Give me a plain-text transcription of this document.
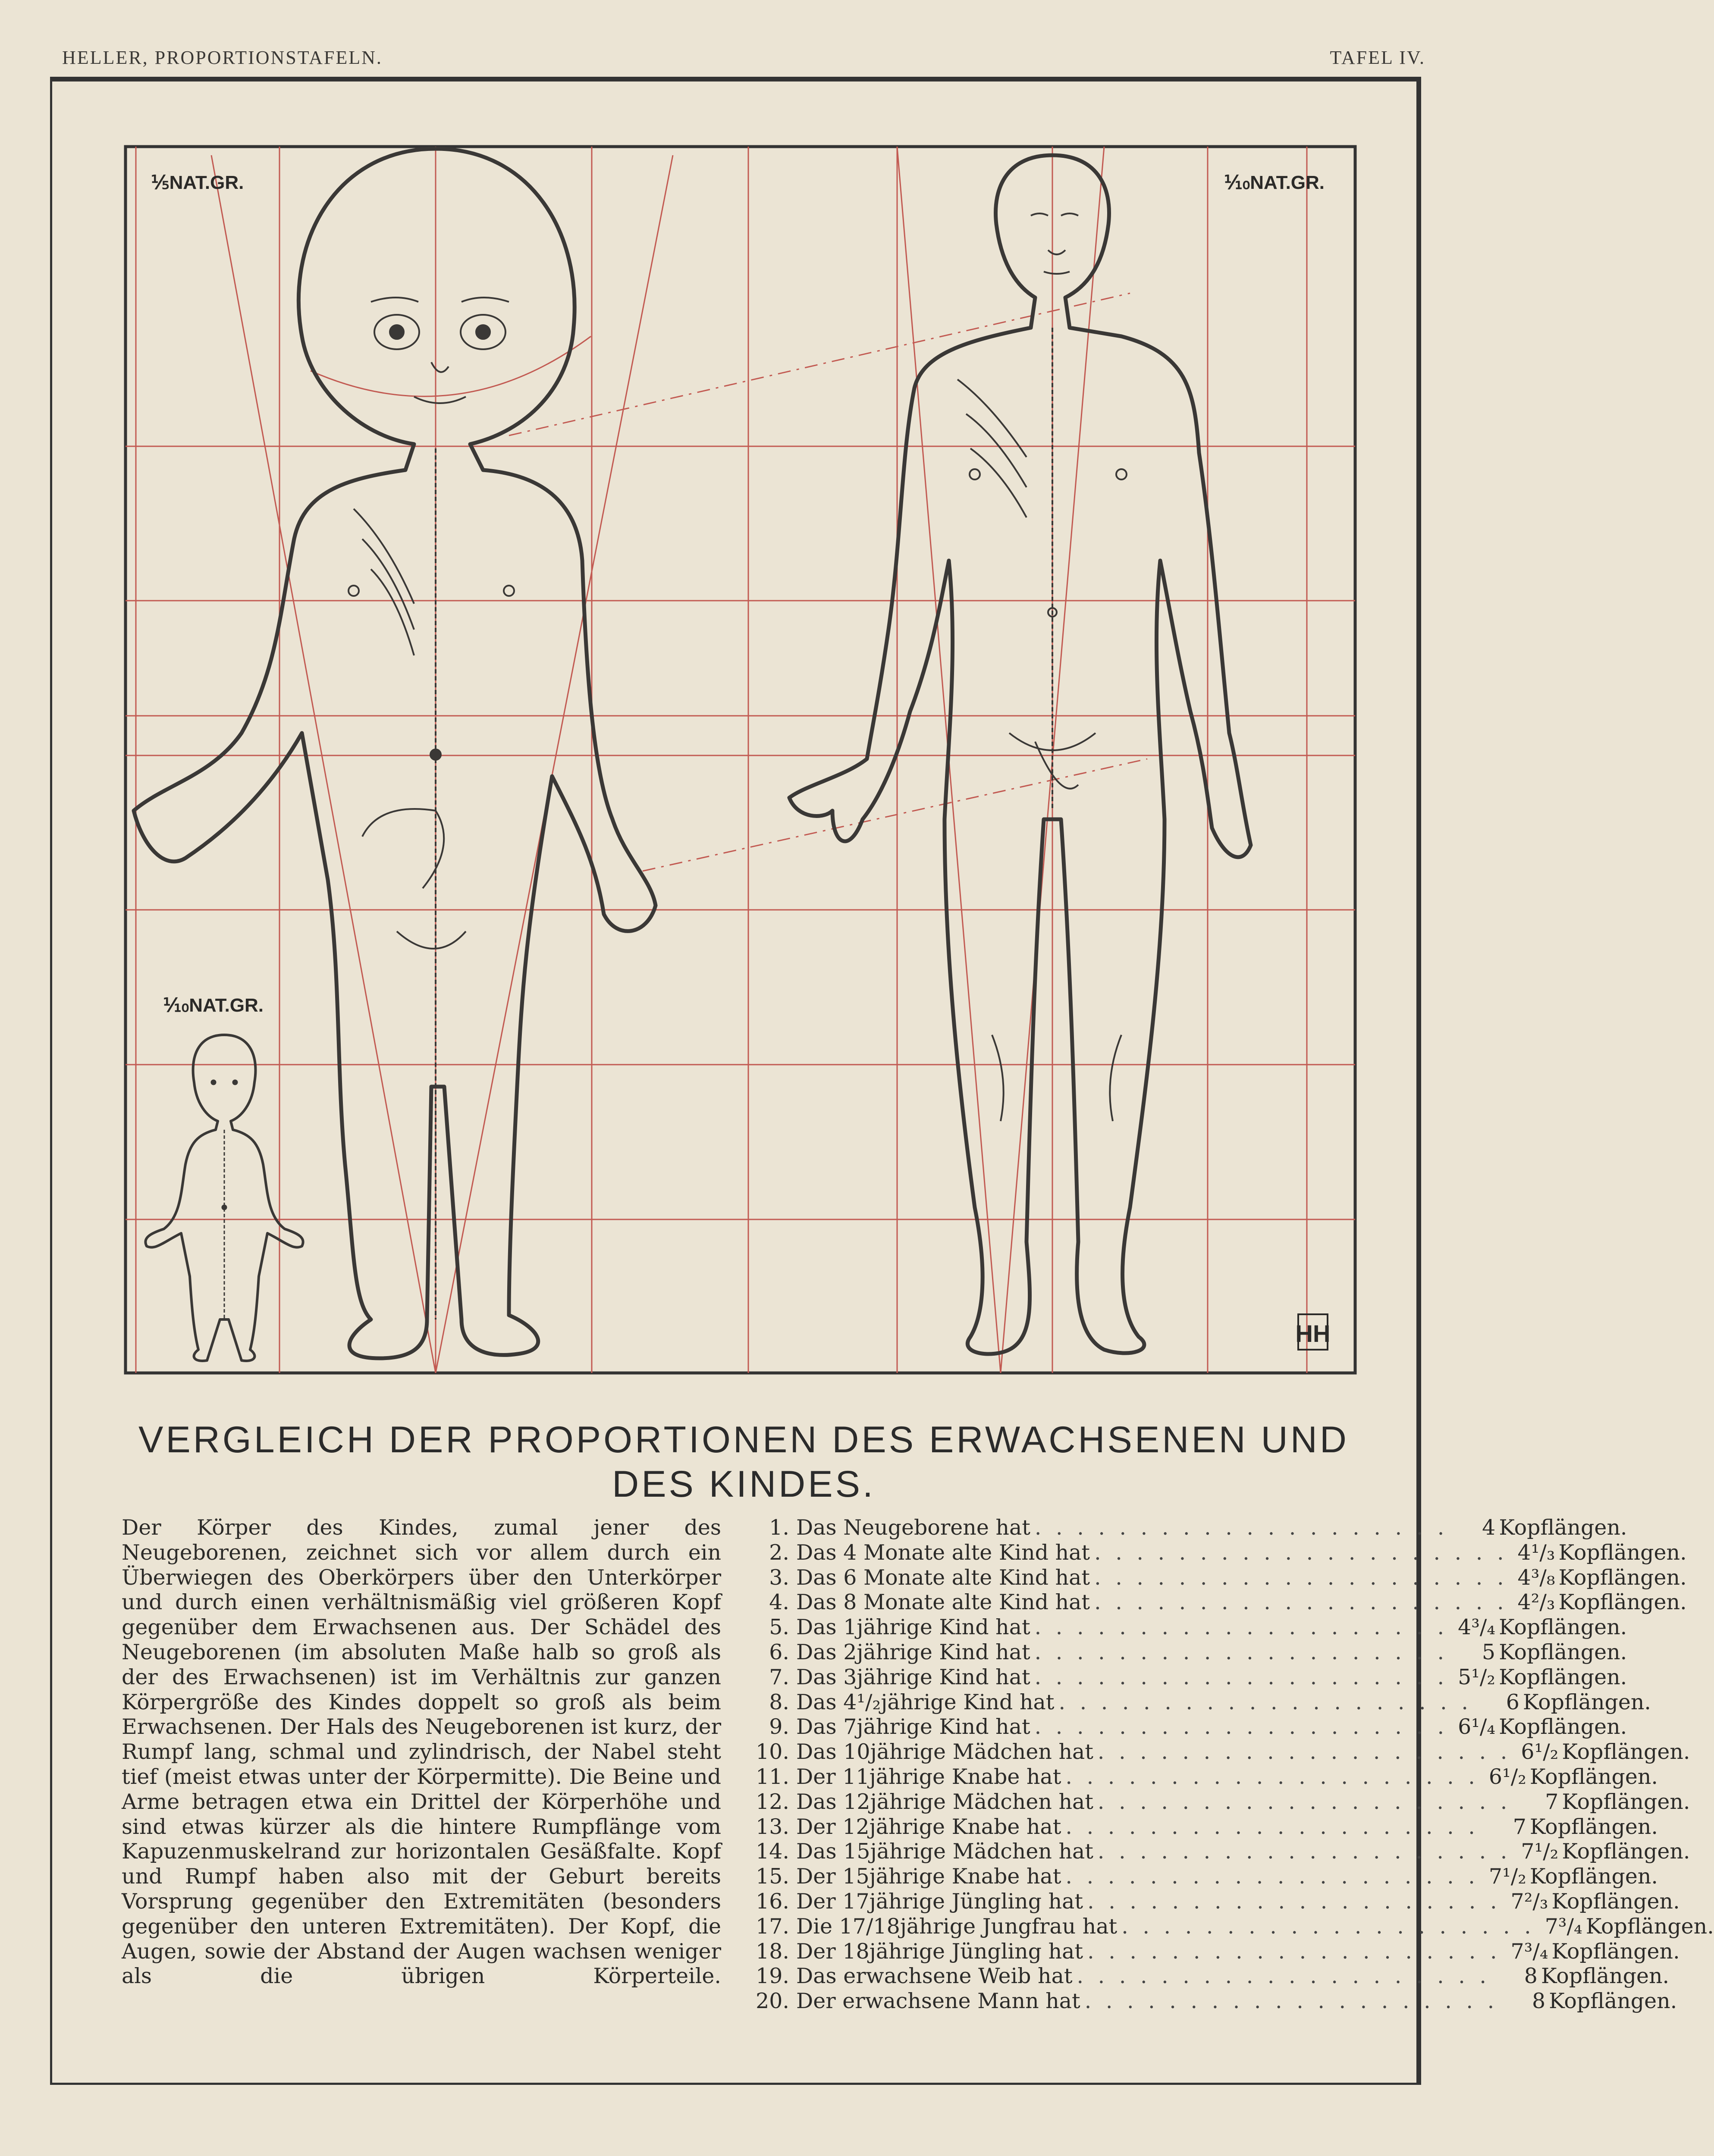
HELLER, PROPORTIONSTAFELN.	TAFEL IV.
⅕NAT.GR.	⅒NAT.GR.
⅒NAT.GR.
HH
VERGLEICH DER PROPORTIONEN DES ERWACHSENEN UND DES KINDES.

Der Körper des Kindes, zumal jener des Neugeborenen, zeichnet sich vor allem durch ein Überwiegen des Oberkörpers über den Unterkörper und durch einen verhältnismäßig viel größeren Kopf gegenüber dem Erwachsenen aus. Der Schädel des Neugeborenen (im absoluten Maße halb so groß als der des Erwachsenen) ist im Verhältnis zur ganzen Körpergröße des Kindes doppelt so groß als beim Erwachsenen. Der Hals des Neugeborenen ist kurz, der Rumpf lang, schmal und zylindrisch, der Nabel steht tief (meist etwas unter der Körpermitte). Die Beine und Arme betragen etwa ein Drittel der Körperhöhe und sind etwas kürzer als die hintere Rumpflänge vom Kapuzenmuskelrand zur horizontalen Gesäßfalte. Kopf und Rumpf haben also mit der Geburt bereits Vorsprung gegenüber den Extremitäten (besonders gegenüber den unteren Extremitäten). Der Kopf, die Augen, sowie der Abstand der Augen wachsen weniger als die übrigen Körperteile.

1. Das Neugeborene hat . . . . . . . . . . . . . . . . . . . .	4 Kopflängen.
2. Das 4 Monate alte Kind hat . . . . . . . . . . . . . . . . . . . . 4¹/₃ Kopflängen.
3. Das 6 Monate alte Kind hat . . . . . . . . . . . . . . . . . . . . 4³/₈ Kopflängen.
4. Das 8 Monate alte Kind hat . . . . . . . . . . . . . . . . . . . . 4²/₃ Kopflängen.
5. Das 1jährige Kind hat . . . . . . . . . . . . . . . . . . . . 4³/₄ Kopflängen.
6. Das 2jährige Kind hat . . . . . . . . . . . . . . . . . . . .	5 Kopflängen.
7. Das 3jährige Kind hat . . . . . . . . . . . . . . . . . . . . 5¹/₂ Kopflängen.
8. Das 4¹/₂jährige Kind hat . . . . . . . . . . . . . . . . . . . .	6 Kopflängen.
9. Das 7jährige Kind hat . . . . . . . . . . . . . . . . . . . . 6¹/₄ Kopflängen.
10. Das 10jährige Mädchen hat . . . . . . . . . . . . . . . . . . . . 6¹/₂ Kopflängen.
11. Der 11jährige Knabe hat . . . . . . . . . . . . . . . . . . . . 6¹/₂ Kopflängen.
12. Das 12jährige Mädchen hat . . . . . . . . . . . . . . . . . . . .	7 Kopflängen.
13. Der 12jährige Knabe hat . . . . . . . . . . . . . . . . . . . .	7 Kopflängen.
14. Das 15jährige Mädchen hat . . . . . . . . . . . . . . . . . . . . 7¹/₂ Kopflängen.
15. Der 15jährige Knabe hat . . . . . . . . . . . . . . . . . . . . 7¹/₂ Kopflängen.
16. Der 17jährige Jüngling hat . . . . . . . . . . . . . . . . . . . . 7²/₃ Kopflängen.
17. Die 17/18jährige Jungfrau hat . . . . . . . . . . . . . . . . . . . . 7³/₄ Kopflängen.
18. Der 18jährige Jüngling hat . . . . . . . . . . . . . . . . . . . . 7³/₄ Kopflängen.
19. Das erwachsene Weib hat . . . . . . . . . . . . . . . . . . . .	8 Kopflängen.
20. Der erwachsene Mann hat . . . . . . . . . . . . . . . . . . . .	8 Kopflängen.
